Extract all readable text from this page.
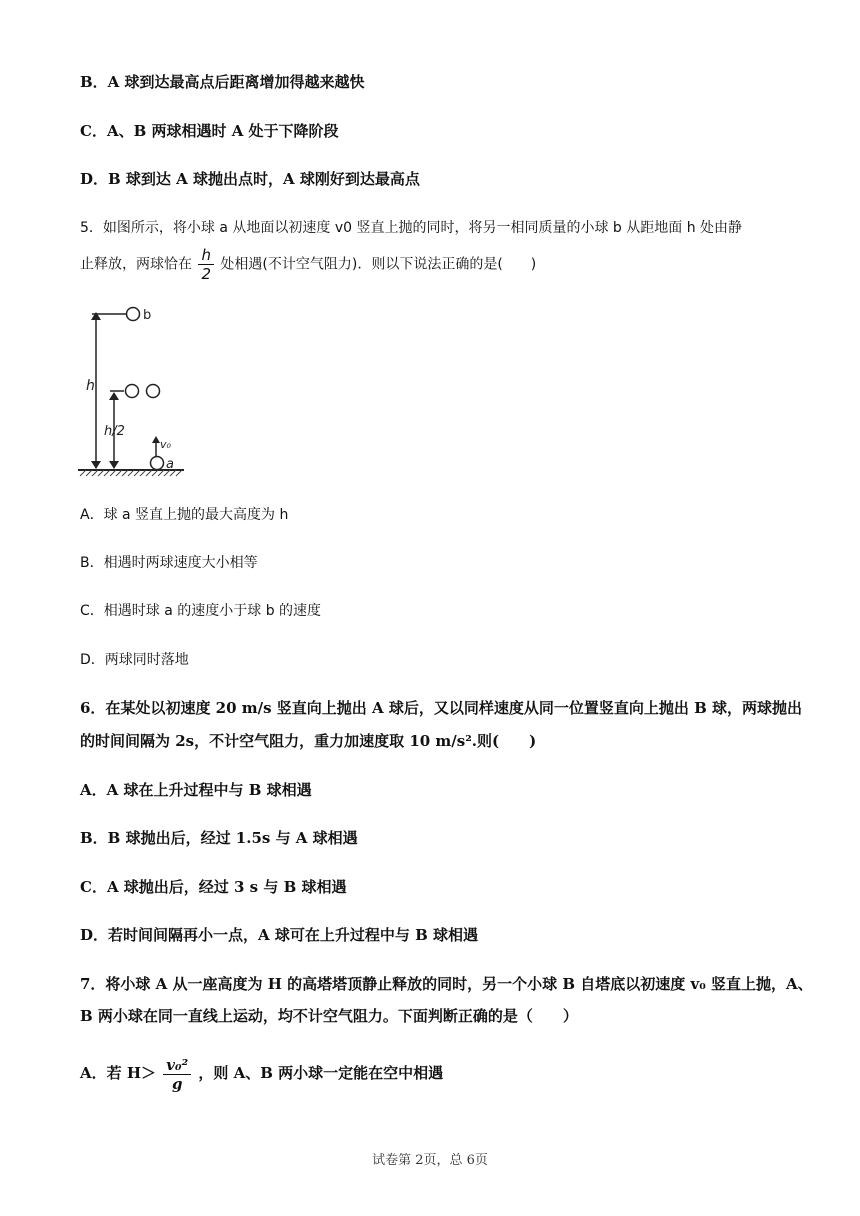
B．A 球到达最高点后距离增加得越来越快
C．A、B 两球相遇时 A 处于下降阶段
D．B 球到达 A 球抛出点时，A 球刚好到达最高点
5．如图所示，将小球 a 从地面以初速度 v0 竖直上抛的同时，将另一相同质量的小球 b 从距地面 h 处由静
止释放，两球恰在 $\frac{h}{2}$ 处相遇(不计空气阻力)．则以下说法正确的是(　　)
b
h
h/2
v₀
a
A．球 a 竖直上抛的最大高度为 h
B．相遇时两球速度大小相等
C．相遇时球 a 的速度小于球 b 的速度
D．两球同时落地
6．在某处以初速度 20 m/s 竖直向上抛出 A 球后，又以同样速度从同一位置竖直向上抛出 B 球，两球抛出
的时间间隔为 2s，不计空气阻力，重力加速度取 10 m/s².则(　　)
A．A 球在上升过程中与 B 球相遇
B．B 球抛出后，经过 1.5s 与 A 球相遇
C．A 球抛出后，经过 3 s 与 B 球相遇
D．若时间间隔再小一点，A 球可在上升过程中与 B 球相遇
7．将小球 A 从一座高度为 H 的高塔塔顶静止释放的同时，另一个小球 B 自塔底以初速度 v₀ 竖直上抛，A、
B 两小球在同一直线上运动，均不计空气阻力。下面判断正确的是（　　）
A．若 $H> \frac{\text{v₀²}}{g}$ ，则 A、B 两小球一定能在空中相遇
试卷第 2页，总 6页
